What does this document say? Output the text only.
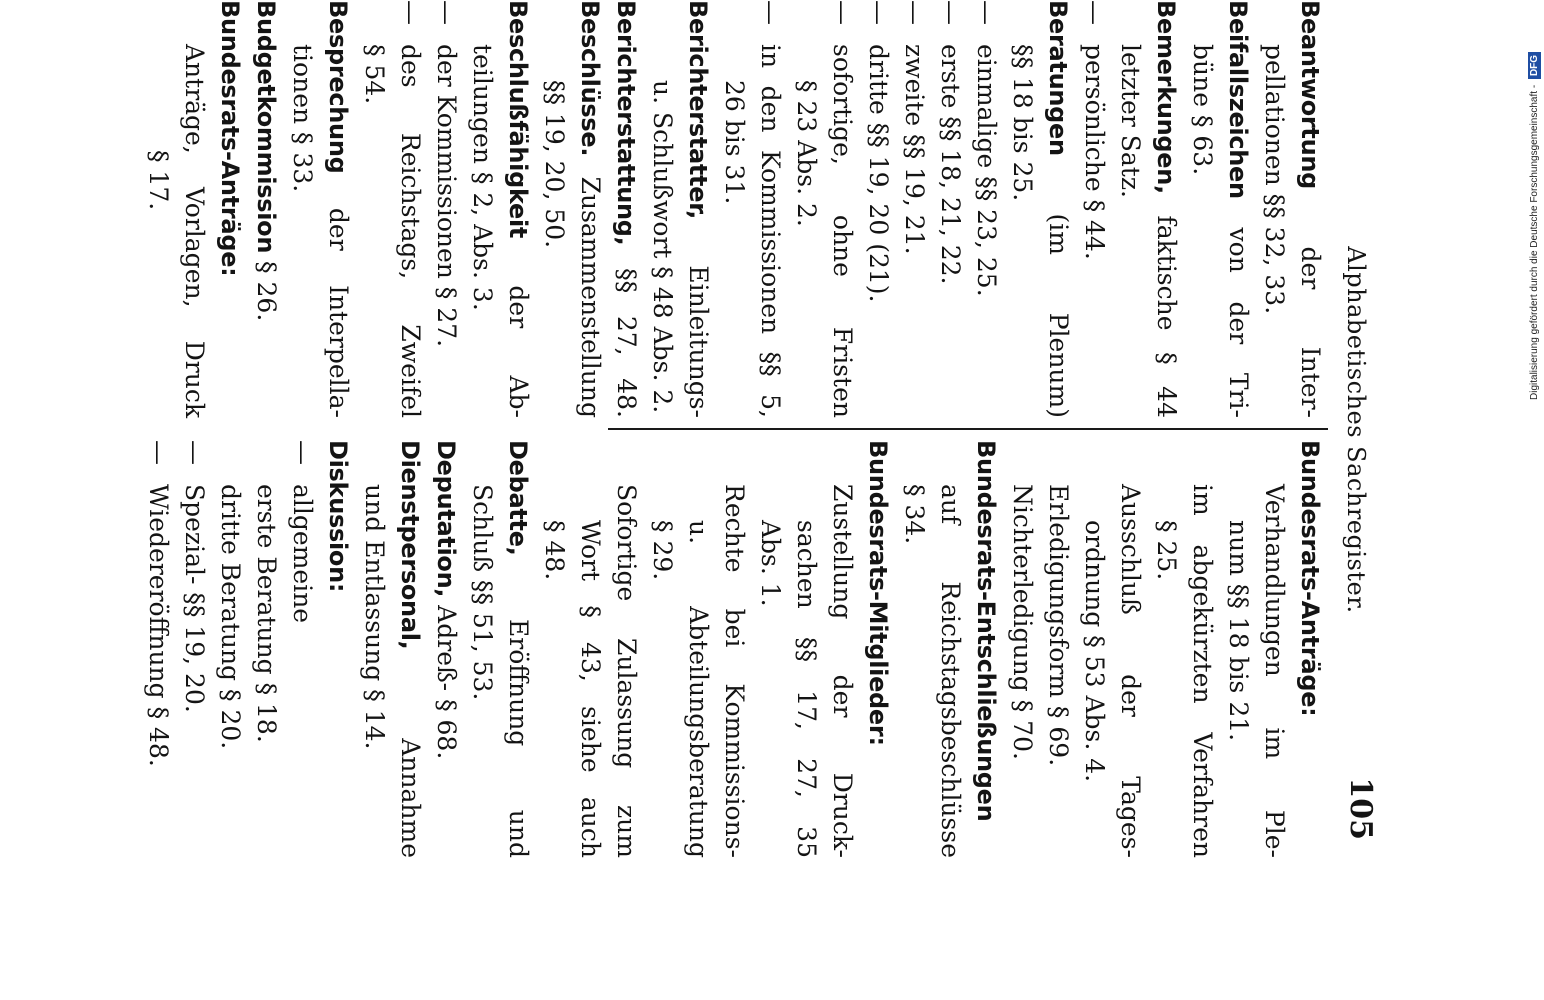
Alphabetisches Sachregister.
105
Beantwortung der Inter-
pellationen §§ 32, 33.
Beifallszeichen von der Tri-
büne § 63.
Bemerkungen, faktische § 44
letzter Satz.
—persönliche § 44.
Beratungen (im Plenum)
§§ 18 bis 25.
—einmalige §§ 23, 25.
—erste §§ 18, 21, 22.
—zweite §§ 19, 21.
—dritte §§ 19, 20 (21).
—sofortige, ohne Fristen
§ 23 Abs. 2.
—in den Kommissionen §§ 5,
26 bis 31.
Berichterstatter, Einleitungs-
u. Schlußwort § 48 Abs. 2.
Berichterstattung, §§ 27, 48.
Beschlüsse. Zusammenstellung
§§ 19, 20, 50.
Beschlußfähigkeit der Ab-
teilungen § 2, Abs. 3.
—der Kommissionen § 27.
—des Reichstags, Zweifel
§ 54.
Besprechung der Interpella-
tionen § 33.
Budgetkommission § 26.
Bundesrats-Anträge:
Anträge, Vorlagen, Druck
§ 17.
Bundesrats-Anträge:
Verhandlungen im Ple-
num §§ 18 bis 21.
im abgekürzten Verfahren
§ 25.
Ausschluß der Tages-
ordnung § 53 Abs. 4.
Erledigungsform § 69.
Nichterledigung § 70.
Bundesrats-Entschließungen
auf Reichstagsbeschlüsse
§ 34.
Bundesrats-Mitglieder:
Zustellung der Druck-
sachen §§ 17, 27, 35
Abs. 1.
Rechte bei Kommissions-
u. Abteilungsberatung
§ 29.
Sofortige Zulassung zum
Wort § 43, siehe auch
§ 48.
Debatte, Eröffnung und
Schluß §§ 51, 53.
Deputation, Adreß- § 68.
Dienstpersonal, Annahme
und Entlassung § 14.
Diskussion:
—allgemeine
erste Beratung § 18.
dritte Beratung § 20.
—Spezial- §§ 19, 20.
—Wiedereröffnung § 48.
Digitalisierung gefördert durch die Deutsche Forschungsgemeinschaft - DFG
